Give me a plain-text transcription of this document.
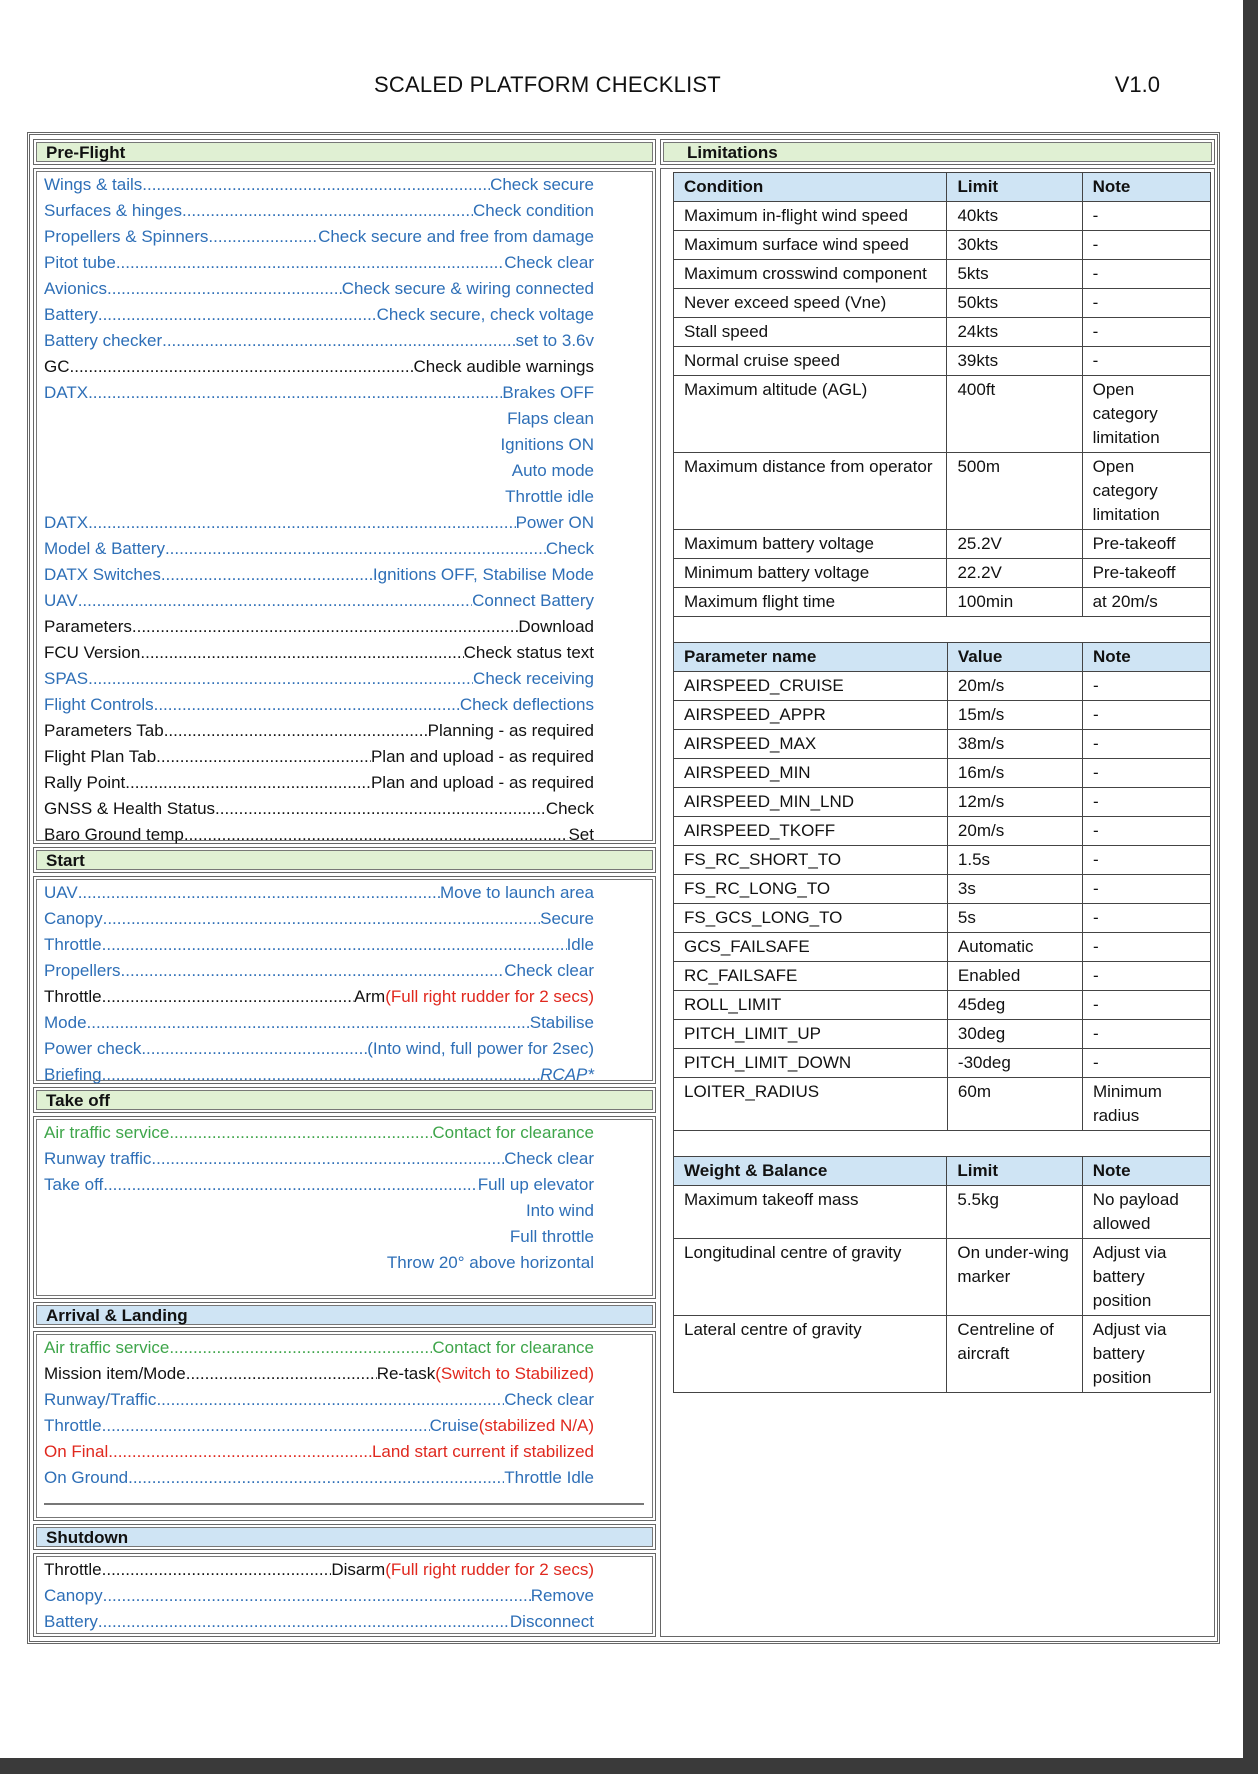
SCALED PLATFORM CHECKLIST	V1.0
Pre-Flight
Wings & tails .....	Check secure
Surfaces & hinges .....	Check condition
Propellers & Spinners .....	Check secure and free from damage
Pitot tube .....	Check clear
Avionics .....	Check secure & wiring connected
Battery .....	Check secure, check voltage
Battery checker .....	set to 3.6v
GC .....	Check audible warnings
DATX .....	Brakes OFF
Flaps clean
Ignitions ON
Auto mode
Throttle idle
DATX .....	Power ON
Model & Battery .....	Check
DATX Switches .....	Ignitions OFF, Stabilise Mode
UAV .....	Connect Battery
Parameters .....	Download
FCU Version .....	Check status text
SPAS .....	Check receiving
Flight Controls .....	Check deflections
Parameters Tab .....	Planning - as required
Flight Plan Tab .....	Plan and upload - as required
Rally Point .....	Plan and upload - as required
GNSS & Health Status .....	Check
Baro Ground temp .....	Set
Start
UAV .....	Move to launch area
Canopy .....	Secure
Throttle .....	Idle
Propellers .....	Check clear
Throttle .....	Arm (Full right rudder for 2 secs)
Mode .....	Stabilise
Power check .....	(Into wind, full power for 2sec)
Briefing .....	RCAP*
Take off
Air traffic service .....	Contact for clearance
Runway traffic .....	Check clear
Take off .....	Full up elevator
Into wind
Full throttle
Throw 20° above horizontal
Arrival & Landing
Air traffic service .....	Contact for clearance
Mission item/Mode .....	Re-task (Switch to Stabilized)
Runway/Traffic .....	Check clear
Throttle .....	Cruise (stabilized N/A)
On Final .....	Land start current if stabilized
On Ground .....	Throttle Idle
Shutdown
Throttle .....	Disarm (Full right rudder for 2 secs)
Canopy .....	Remove
Battery .....	Disconnect
Limitations
Condition	Limit	Note
Maximum in-flight wind speed	40kts	-
Maximum surface wind speed	30kts	-
Maximum crosswind component	5kts	-
Never exceed speed (Vne)	50kts	-
Stall speed	24kts	-
Normal cruise speed	39kts	-
Maximum altitude (AGL)	400ft	Open category limitation
Maximum distance from operator	500m	Open category limitation
Maximum battery voltage	25.2V	Pre-takeoff
Minimum battery voltage	22.2V	Pre-takeoff
Maximum flight time	100min	at 20m/s
Parameter name	Value	Note
AIRSPEED_CRUISE	20m/s	-
AIRSPEED_APPR	15m/s	-
AIRSPEED_MAX	38m/s	-
AIRSPEED_MIN	16m/s	-
AIRSPEED_MIN_LND	12m/s	-
AIRSPEED_TKOFF	20m/s	-
FS_RC_SHORT_TO	1.5s	-
FS_RC_LONG_TO	3s	-
FS_GCS_LONG_TO	5s	-
GCS_FAILSAFE	Automatic	-
RC_FAILSAFE	Enabled	-
ROLL_LIMIT	45deg	-
PITCH_LIMIT_UP	30deg	-
PITCH_LIMIT_DOWN	-30deg	-
LOITER_RADIUS	60m	Minimum radius
Weight & Balance	Limit	Note
Maximum takeoff mass	5.5kg	No payload allowed
Longitudinal centre of gravity	On under-wing marker	Adjust via battery position
Lateral centre of gravity	Centreline of aircraft	Adjust via battery position
